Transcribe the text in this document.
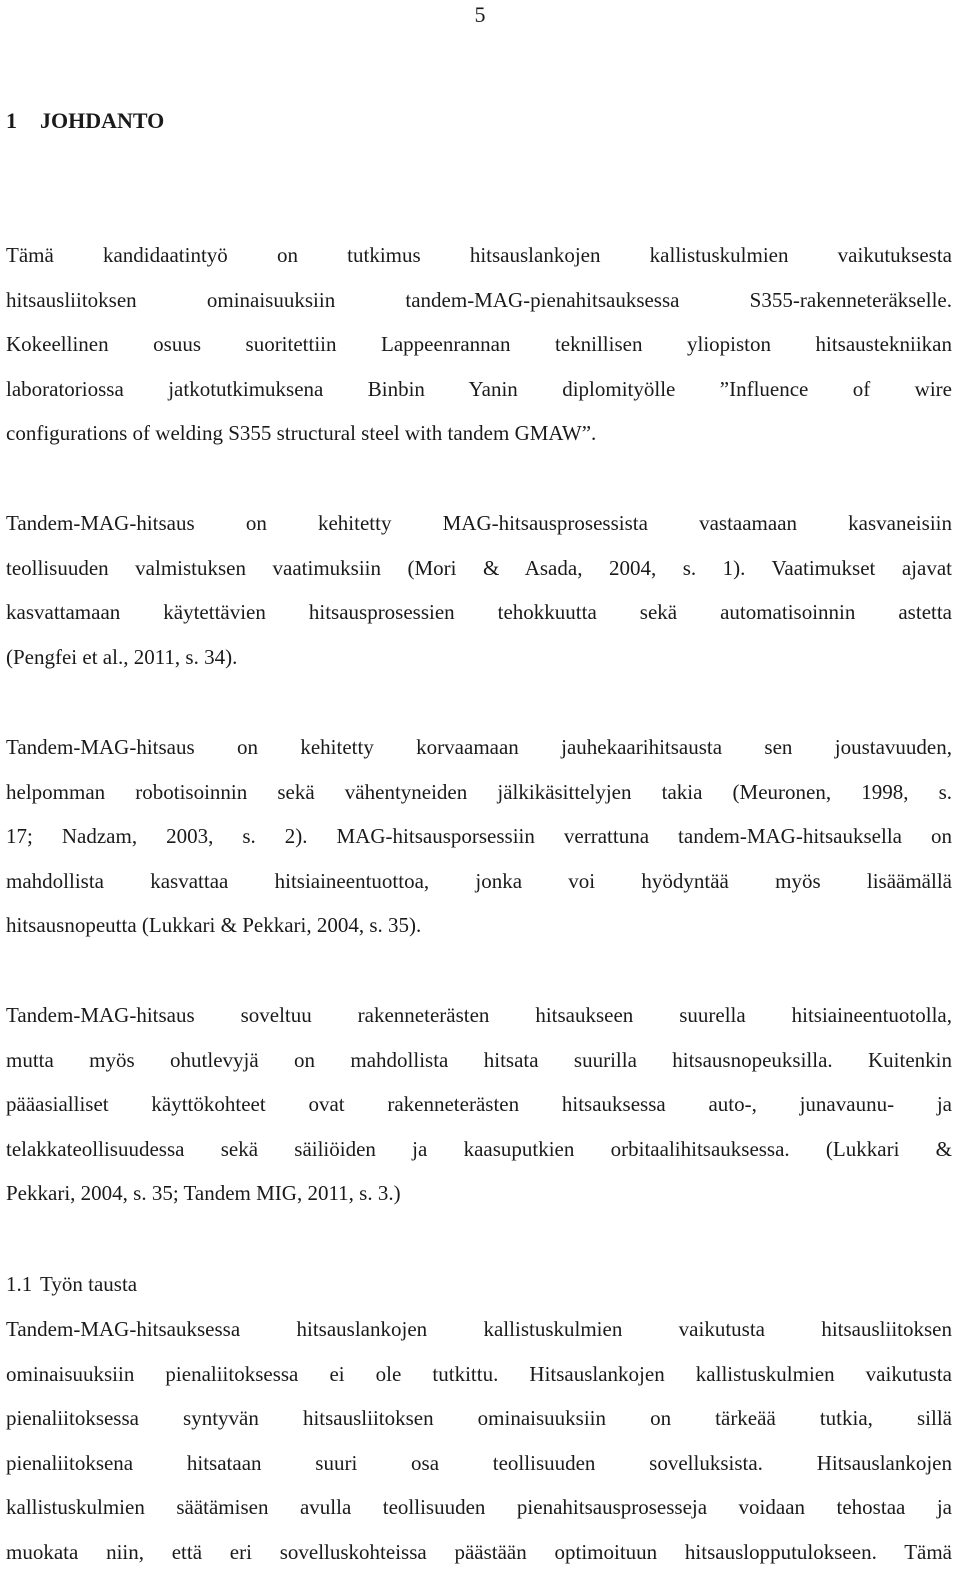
5
1 JOHDANTO
Tämä kandidaatintyö on tutkimus hitsauslankojen kallistuskulmien vaikutuksesta
hitsausliitoksen ominaisuuksiin tandem-MAG-pienahitsauksessa S355-rakenneteräkselle.
Kokeellinen osuus suoritettiin Lappeenrannan teknillisen yliopiston hitsaustekniikan
laboratoriossa jatkotutkimuksena Binbin Yanin diplomityölle ”Influence of wire
configurations of welding S355 structural steel with tandem GMAW”.
Tandem-MAG-hitsaus on kehitetty MAG-hitsausprosessista vastaamaan kasvaneisiin
teollisuuden valmistuksen vaatimuksiin (Mori & Asada, 2004, s. 1). Vaatimukset ajavat
kasvattamaan käytettävien hitsausprosessien tehokkuutta sekä automatisoinnin astetta
(Pengfei et al., 2011, s. 34).
Tandem-MAG-hitsaus on kehitetty korvaamaan jauhekaarihitsausta sen joustavuuden,
helpomman robotisoinnin sekä vähentyneiden jälkikäsittelyjen takia (Meuronen, 1998, s.
17; Nadzam, 2003, s. 2). MAG-hitsausporsessiin verrattuna tandem-MAG-hitsauksella on
mahdollista kasvattaa hitsiaineentuottoa, jonka voi hyödyntää myös lisäämällä
hitsausnopeutta (Lukkari & Pekkari, 2004, s. 35).
Tandem-MAG-hitsaus soveltuu rakenneterästen hitsaukseen suurella hitsiaineentuotolla,
mutta myös ohutlevyjä on mahdollista hitsata suurilla hitsausnopeuksilla. Kuitenkin
pääasialliset käyttökohteet ovat rakenneterästen hitsauksessa auto-, junavaunu- ja
telakkateollisuudessa sekä säiliöiden ja kaasuputkien orbitaalihitsauksessa. (Lukkari &
Pekkari, 2004, s. 35; Tandem MIG, 2011, s. 3.)
1.1 Työn tausta
Tandem-MAG-hitsauksessa hitsauslankojen kallistuskulmien vaikutusta hitsausliitoksen
ominaisuuksiin pienaliitoksessa ei ole tutkittu. Hitsauslankojen kallistuskulmien vaikutusta
pienaliitoksessa syntyvän hitsausliitoksen ominaisuuksiin on tärkeää tutkia, sillä
pienaliitoksena hitsataan suuri osa teollisuuden sovelluksista. Hitsauslankojen
kallistuskulmien säätämisen avulla teollisuuden pienahitsausprosesseja voidaan tehostaa ja
muokata niin, että eri sovelluskohteissa päästään optimoituun hitsauslopputulokseen. Tämä
